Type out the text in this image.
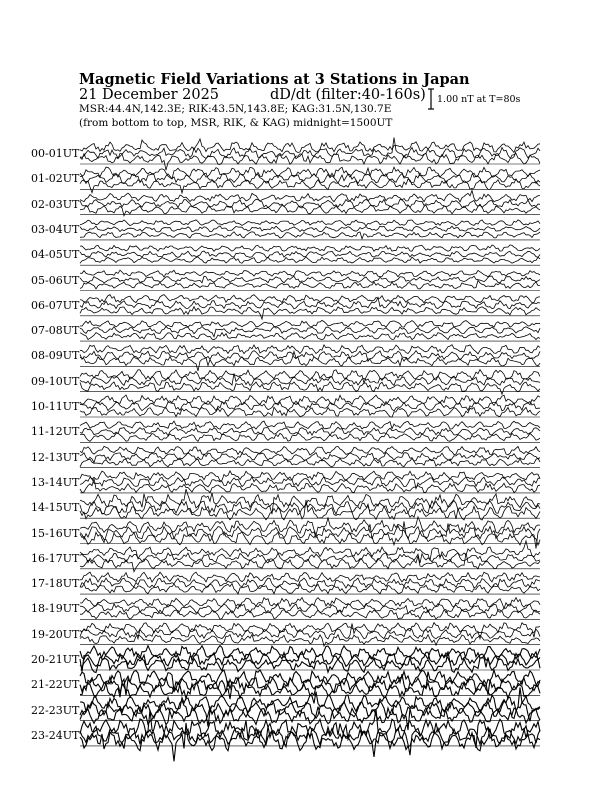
Magnetic Field Variations at 3 Stations in Japan
21 December 2025	dD/dt (filter:40-160s)
MSR:44.4N,142.3E; RIK:43.5N,143.8E; KAG:31.5N,130.7E
(from bottom to top, MSR, RIK, & KAG) midnight=1500UT
1.00 nT at T=80s
00-01UT
01-02UT
02-03UT
03-04UT
04-05UT
05-06UT
06-07UT
07-08UT
08-09UT
09-10UT
10-11UT
11-12UT
12-13UT
13-14UT
14-15UT
15-16UT
16-17UT
17-18UT
18-19UT
19-20UT
20-21UT
21-22UT
22-23UT
23-24UT
